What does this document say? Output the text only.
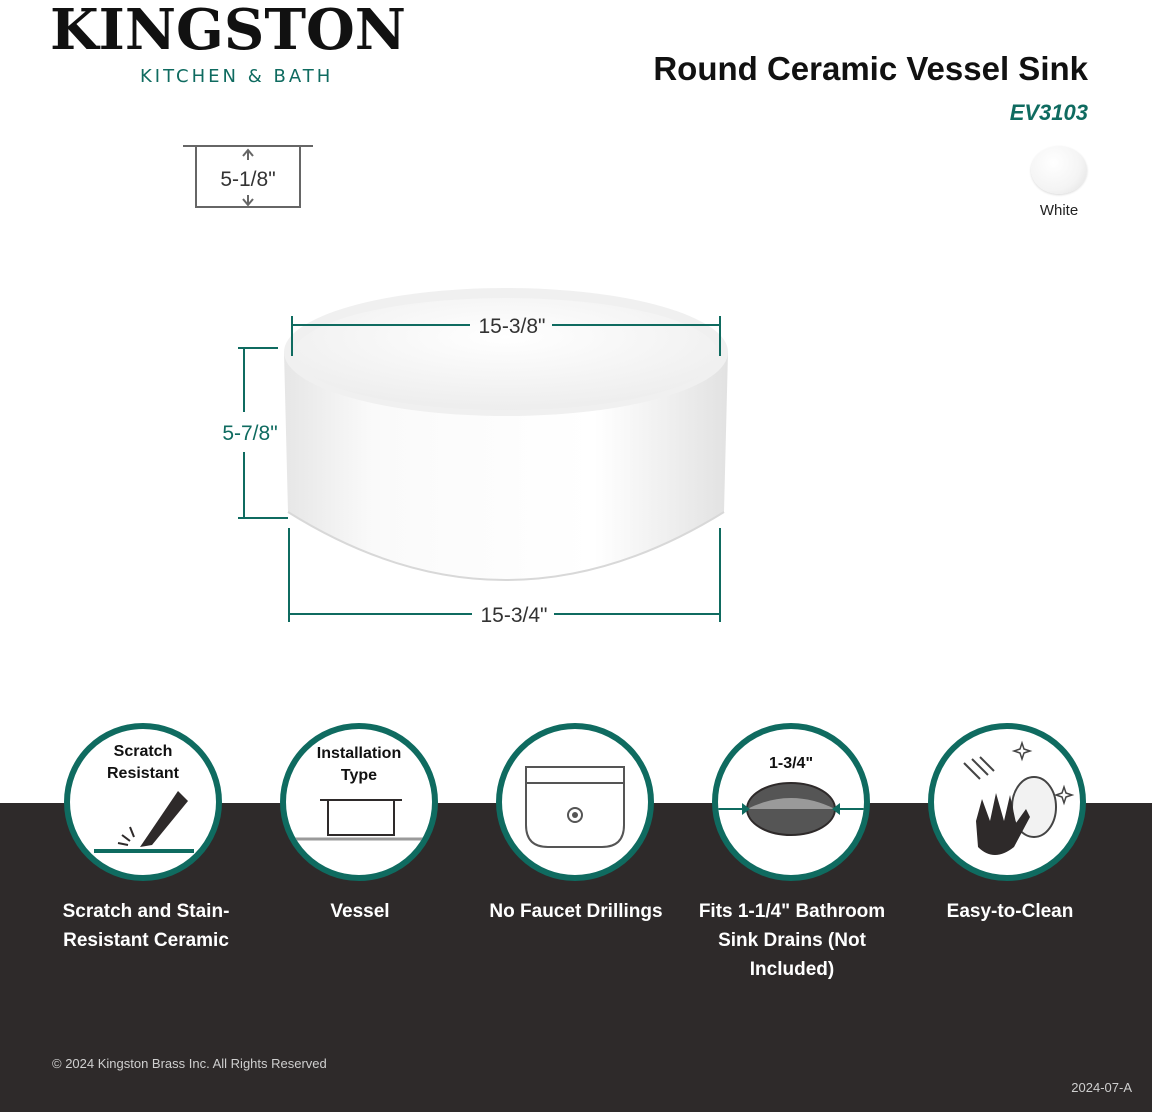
KINGSTON
KITCHEN & BATH	Round Ceramic Vessel Sink
EV3103
White
5-1/8"
15-3/8"
5-7/8"
15-3/4"
Scratch
Resistant
Scratch and Stain-Resistant Ceramic
Installation
Type
Vessel	No Faucet Drillings
1-3/4"
Fits 1-1/4" Bathroom Sink Drains (Not Included)
Easy-to-Clean
© 2024 Kingston Brass Inc. All Rights Reserved
2024-07-A
